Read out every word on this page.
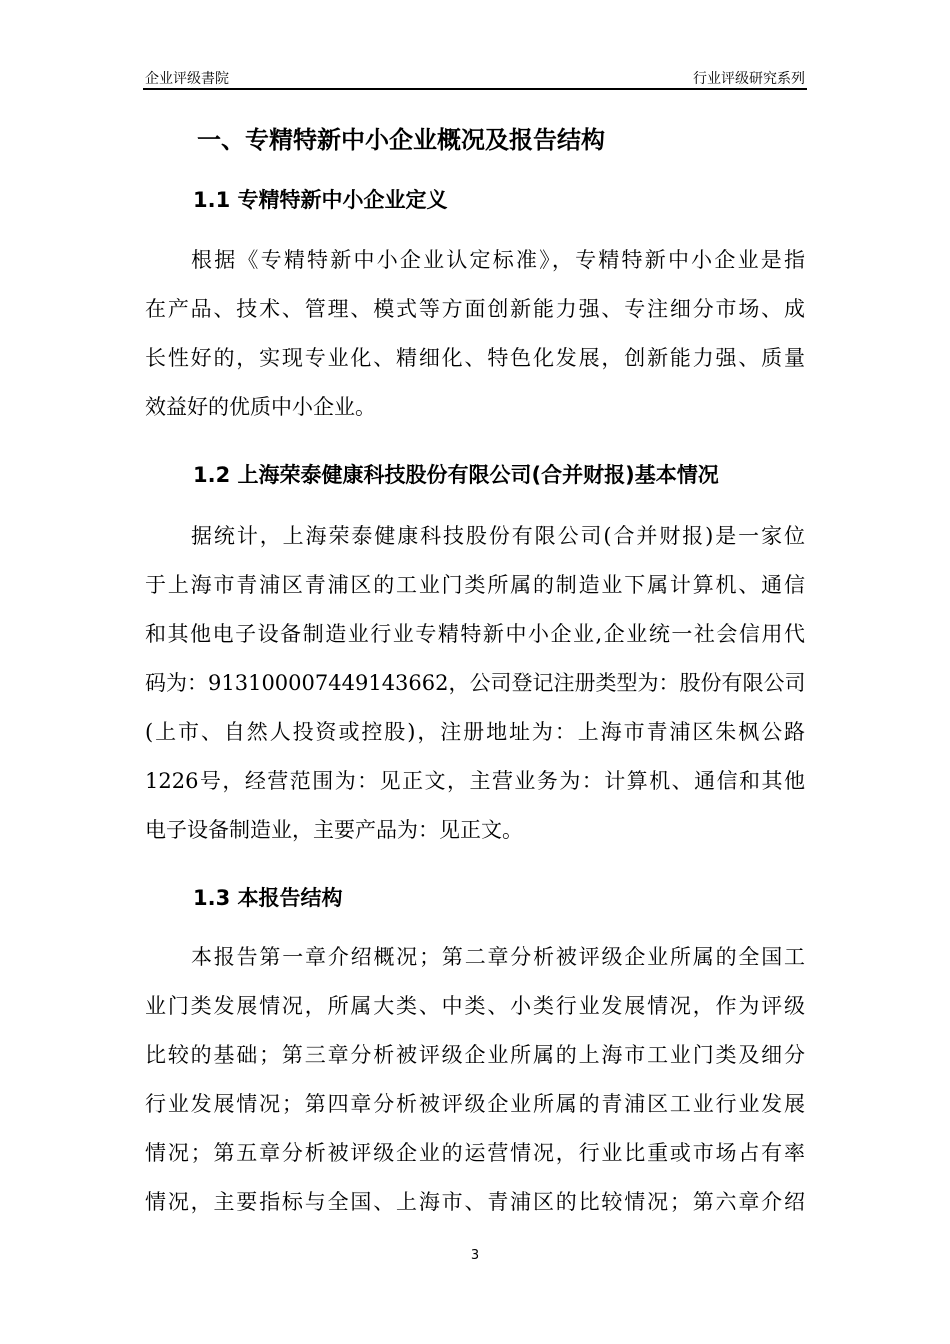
企业评级書院	行业评级研究系列
一、专精特新中小企业概况及报告结构
1.1 专精特新中小企业定义
根据《专精特新中小企业认定标准》，专精特新中小企业是指
在产品、技术、管理、模式等方面创新能力强、专注细分市场、成
长性好的，实现专业化、精细化、特色化发展，创新能力强、质量
效益好的优质中小企业。
1.2 上海荣泰健康科技股份有限公司(合并财报)基本情况
据统计，上海荣泰健康科技股份有限公司(合并财报)是一家位
于上海市青浦区青浦区的工业门类所属的制造业下属计算机、通信
和其他电子设备制造业行业专精特新中小企业,企业统一社会信用代
码为：913100007449143662，公司登记注册类型为：股份有限公司
(上市、自然人投资或控股)，注册地址为：上海市青浦区朱枫公路
1226号，经营范围为：见正文，主营业务为：计算机、通信和其他
电子设备制造业，主要产品为：见正文。
1.3 本报告结构
本报告第一章介绍概况；第二章分析被评级企业所属的全国工
业门类发展情况，所属大类、中类、小类行业发展情况，作为评级
比较的基础；第三章分析被评级企业所属的上海市工业门类及细分
行业发展情况；第四章分析被评级企业所属的青浦区工业行业发展
情况；第五章分析被评级企业的运营情况，行业比重或市场占有率
情况，主要指标与全国、上海市、青浦区的比较情况；第六章介绍
3
